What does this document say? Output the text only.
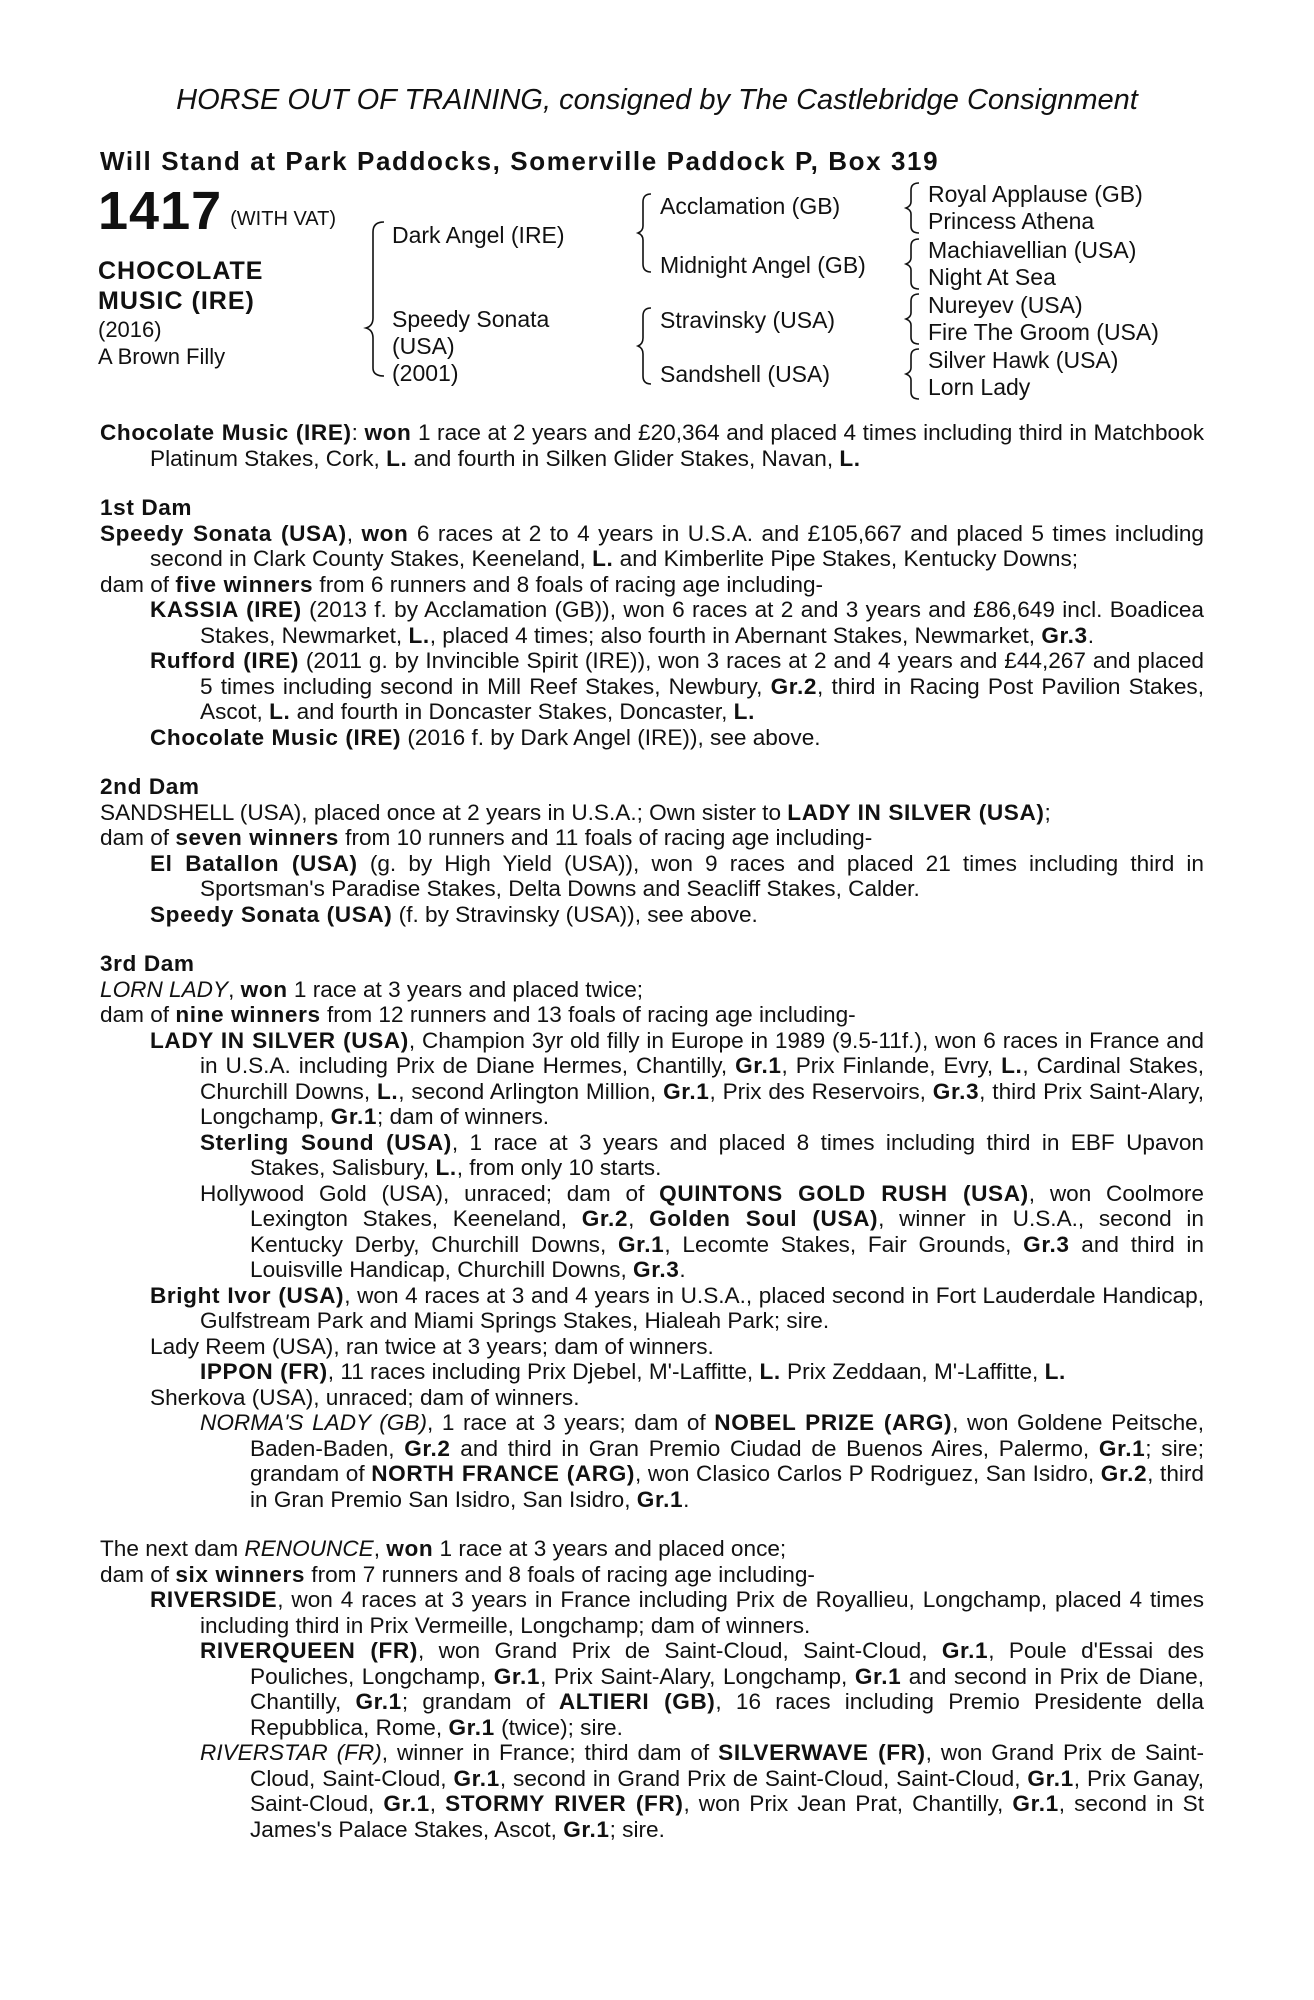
HORSE OUT OF TRAINING, consigned by The Castlebridge Consignment
Will Stand at Park Paddocks, Somerville Paddock P, Box 319
1417 (WITH VAT)
CHOCOLATE
MUSIC (IRE)
(2016)
A Brown Filly
Dark Angel (IRE)
Speedy Sonata
(USA)
(2001)
Acclamation (GB)
Midnight Angel (GB)
Stravinsky (USA)
Sandshell (USA)
Royal Applause (GB)
Princess Athena
Machiavellian (USA)
Night At Sea
Nureyev (USA)
Fire The Groom (USA)
Silver Hawk (USA)
Lorn Lady

Chocolate Music (IRE): won 1 race at 2 years and £20,364 and placed 4 times including third in Matchbook Platinum Stakes, Cork, L. and fourth in Silken Glider Stakes, Navan, L.

1st Dam

Speedy Sonata (USA), won 6 races at 2 to 4 years in U.S.A. and £105,667 and placed 5 times including second in Clark County Stakes, Keeneland, L. and Kimberlite Pipe Stakes, Kentucky Downs;

dam of five winners from 6 runners and 8 foals of racing age including-

KASSIA (IRE) (2013 f. by Acclamation (GB)), won 6 races at 2 and 3 years and £86,649 incl. Boadicea Stakes, Newmarket, L., placed 4 times; also fourth in Abernant Stakes, Newmarket, Gr.3.

Rufford (IRE) (2011 g. by Invincible Spirit (IRE)), won 3 races at 2 and 4 years and £44,267 and placed 5 times including second in Mill Reef Stakes, Newbury, Gr.2, third in Racing Post Pavilion Stakes, Ascot, L. and fourth in Doncaster Stakes, Doncaster, L.

Chocolate Music (IRE) (2016 f. by Dark Angel (IRE)), see above.

2nd Dam

SANDSHELL (USA), placed once at 2 years in U.S.A.; Own sister to LADY IN SILVER (USA);

dam of seven winners from 10 runners and 11 foals of racing age including-

El Batallon (USA) (g. by High Yield (USA)), won 9 races and placed 21 times including third in Sportsman's Paradise Stakes, Delta Downs and Seacliff Stakes, Calder.

Speedy Sonata (USA) (f. by Stravinsky (USA)), see above.

3rd Dam

LORN LADY, won 1 race at 3 years and placed twice;

dam of nine winners from 12 runners and 13 foals of racing age including-

LADY IN SILVER (USA), Champion 3yr old filly in Europe in 1989 (9.5-11f.), won 6 races in France and in U.S.A. including Prix de Diane Hermes, Chantilly, Gr.1, Prix Finlande, Evry, L., Cardinal Stakes, Churchill Downs, L., second Arlington Million, Gr.1, Prix des Reservoirs, Gr.3, third Prix Saint-Alary, Longchamp, Gr.1; dam of winners.

Sterling Sound (USA), 1 race at 3 years and placed 8 times including third in EBF Upavon Stakes, Salisbury, L., from only 10 starts.

Hollywood Gold (USA), unraced; dam of QUINTONS GOLD RUSH (USA), won Coolmore Lexington Stakes, Keeneland, Gr.2, Golden Soul (USA), winner in U.S.A., second in Kentucky Derby, Churchill Downs, Gr.1, Lecomte Stakes, Fair Grounds, Gr.3 and third in Louisville Handicap, Churchill Downs, Gr.3.

Bright Ivor (USA), won 4 races at 3 and 4 years in U.S.A., placed second in Fort Lauderdale Handicap, Gulfstream Park and Miami Springs Stakes, Hialeah Park; sire.

Lady Reem (USA), ran twice at 3 years; dam of winners.

IPPON (FR), 11 races including Prix Djebel, M'-Laffitte, L. Prix Zeddaan, M'-Laffitte, L.

Sherkova (USA), unraced; dam of winners.

NORMA'S LADY (GB), 1 race at 3 years; dam of NOBEL PRIZE (ARG), won Goldene Peitsche, Baden-Baden, Gr.2 and third in Gran Premio Ciudad de Buenos Aires, Palermo, Gr.1; sire; grandam of NORTH FRANCE (ARG), won Clasico Carlos P Rodriguez, San Isidro, Gr.2, third in Gran Premio San Isidro, San Isidro, Gr.1.

The next dam RENOUNCE, won 1 race at 3 years and placed once;

dam of six winners from 7 runners and 8 foals of racing age including-

RIVERSIDE, won 4 races at 3 years in France including Prix de Royallieu, Longchamp, placed 4 times including third in Prix Vermeille, Longchamp; dam of winners.

RIVERQUEEN (FR), won Grand Prix de Saint-Cloud, Saint-Cloud, Gr.1, Poule d'Essai des Pouliches, Longchamp, Gr.1, Prix Saint-Alary, Longchamp, Gr.1 and second in Prix de Diane, Chantilly, Gr.1; grandam of ALTIERI (GB), 16 races including Premio Presidente della Repubblica, Rome, Gr.1 (twice); sire.

RIVERSTAR (FR), winner in France; third dam of SILVERWAVE (FR), won Grand Prix de Saint-Cloud, Saint-Cloud, Gr.1, second in Grand Prix de Saint-Cloud, Saint-Cloud, Gr.1, Prix Ganay, Saint-Cloud, Gr.1, STORMY RIVER (FR), won Prix Jean Prat, Chantilly, Gr.1, second in St James's Palace Stakes, Ascot, Gr.1; sire.
